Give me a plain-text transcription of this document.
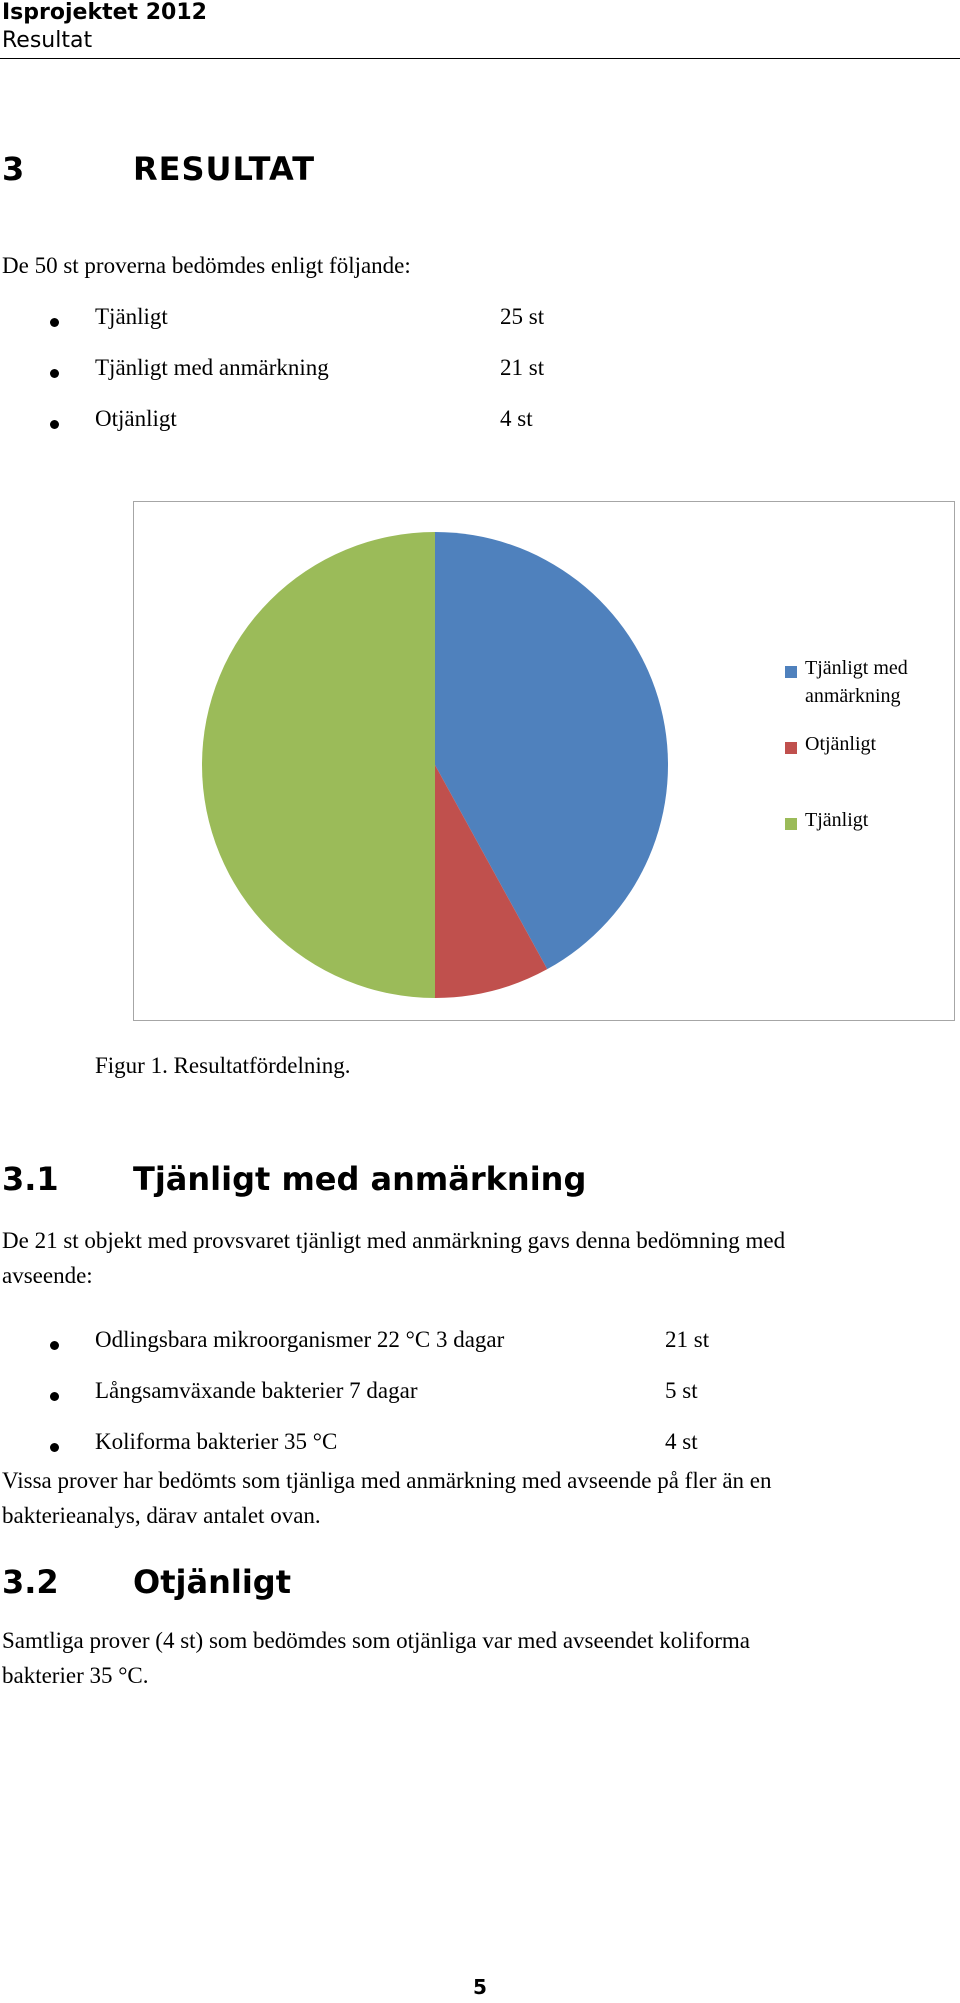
Isprojektet 2012
Resultat
3	RESULTAT
De 50 st proverna bedömdes enligt följande:
Tjänligt	25 st
Tjänligt med anmärkning	21 st
Otjänligt	4 st
Tjänligt med
anmärkning
Otjänligt
Tjänligt
Figur 1. Resultatfördelning.
3.1 Tjänligt med anmärkning
De 21 st objekt med provsvaret tjänligt med anmärkning gavs denna bedömning med
avseende:
Odlingsbara mikroorganismer 22 °C 3 dagar	21 st
Långsamväxande bakterier 7 dagar	5 st
Koliforma bakterier 35 °C	4 st
Vissa prover har bedömts som tjänliga med anmärkning med avseende på fler än en
bakterieanalys, därav antalet ovan.
3.2 Otjänligt
Samtliga prover (4 st) som bedömdes som otjänliga var med avseendet koliforma
bakterier 35 °C.
5
